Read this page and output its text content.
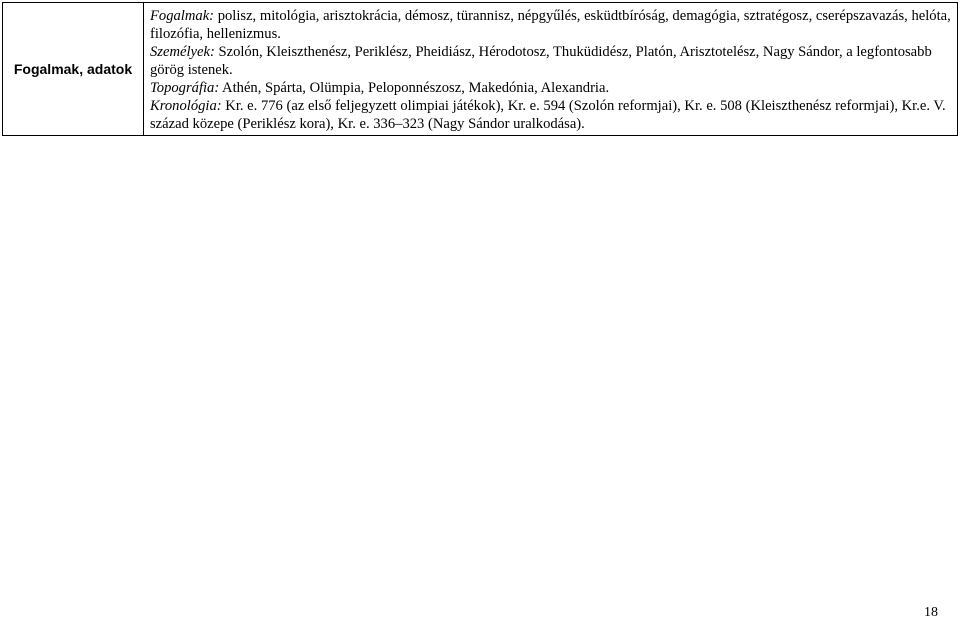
Fogalmak, adatok	

Fogalmak: polisz, mitológia, arisztokrácia, démosz, türannisz, népgyűlés, esküdtbíróság, demagógia, sztratégosz, cserépszavazás, helóta, filozófia, hellenizmus.

Személyek: Szolón, Kleiszthenész, Periklész, Pheidiász, Hérodotosz, Thuküdidész, Platón, Arisztotelész, Nagy Sándor, a legfontosabb görög istenek.

Topográfia: Athén, Spárta, Olümpia, Peloponnészosz, Makedónia, Alexandria.

Kronológia: Kr. e. 776 (az első feljegyzett olimpiai játékok), Kr. e. 594 (Szolón reformjai), Kr. e. 508 (Kleiszthenész reformjai), Kr.e. V. század közepe (Periklész kora), Kr. e. 336–323 (Nagy Sándor uralkodása).

18
